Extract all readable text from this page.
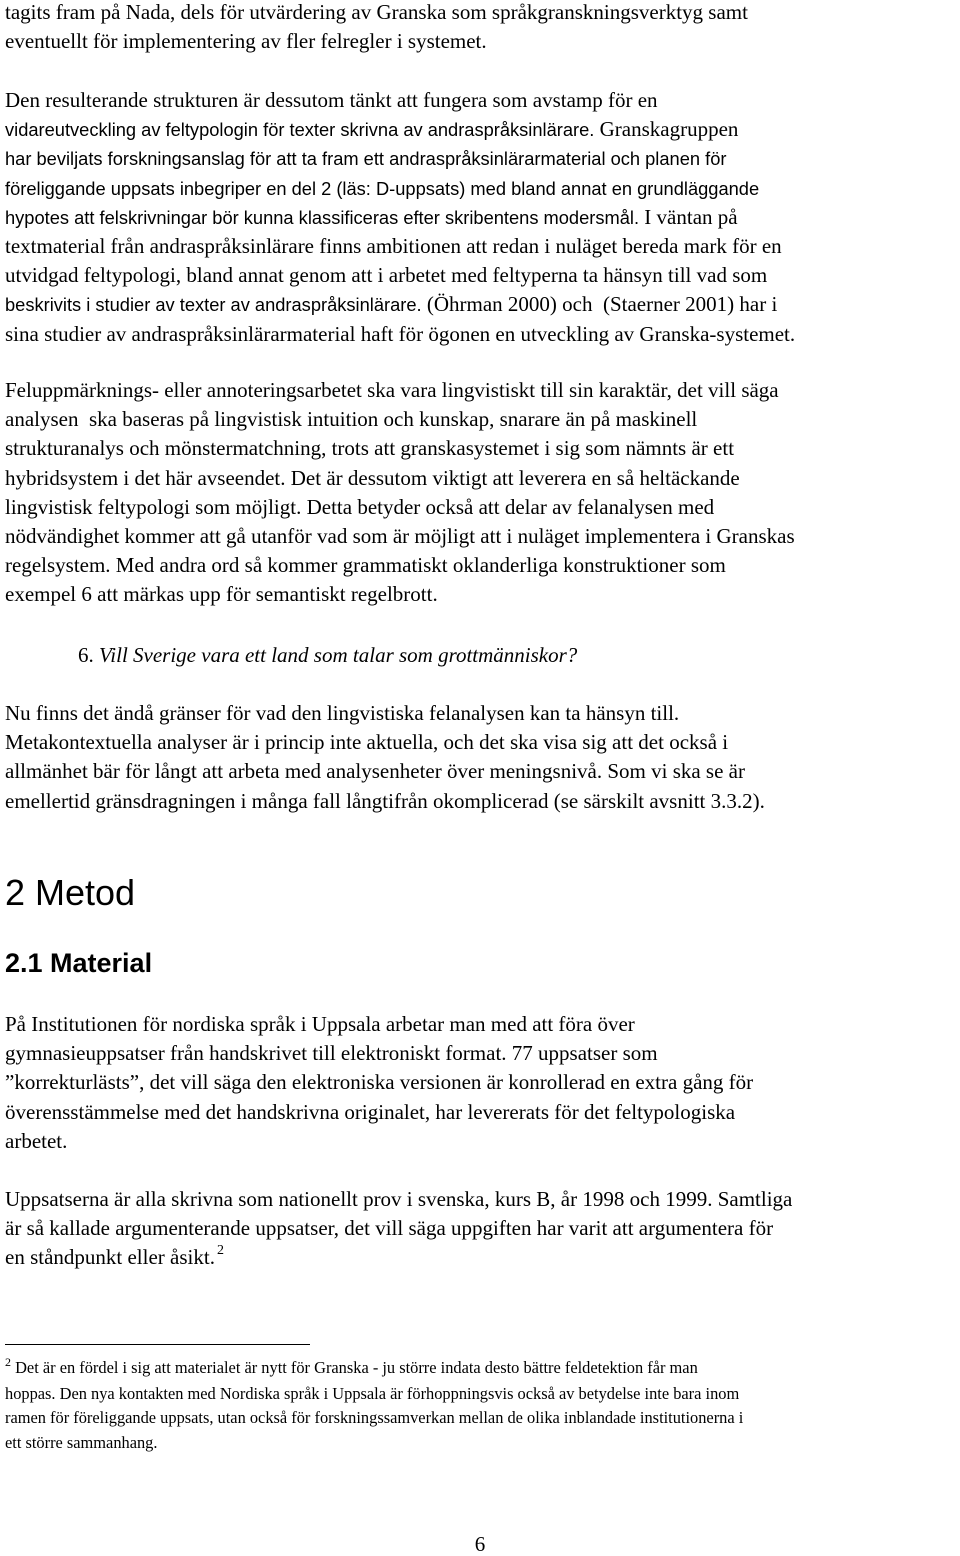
tagits fram på Nada, dels för utvärdering av Granska som språkgranskningsverktyg samt
eventuellt för implementering av fler felregler i systemet.
Den resulterande strukturen är dessutom tänkt att fungera som avstamp för en
vidareutveckling av feltypologin för texter skrivna av andraspråksinlärare. Granskagruppen
har beviljats forskningsanslag för att ta fram ett andraspråksinlärarmaterial och planen för
föreliggande uppsats inbegriper en del 2 (läs: D-uppsats) med bland annat en grundläggande
hypotes att felskrivningar bör kunna klassificeras efter skribentens modersmål. I väntan på
textmaterial från andraspråksinlärare finns ambitionen att redan i nuläget bereda mark för en
utvidgad feltypologi, bland annat genom att i arbetet med feltyperna ta hänsyn till vad som
beskrivits i studier av texter av andraspråksinlärare. (Öhrman 2000) och  (Staerner 2001) har i
sina studier av andraspråksinlärarmaterial haft för ögonen en utveckling av Granska-systemet.
Feluppmärknings- eller annoteringsarbetet ska vara lingvistiskt till sin karaktär, det vill säga
analysen  ska baseras på lingvistisk intuition och kunskap, snarare än på maskinell
strukturanalys och mönstermatchning, trots att granskasystemet i sig som nämnts är ett
hybridsystem i det här avseendet. Det är dessutom viktigt att leverera en så heltäckande
lingvistisk feltypologi som möjligt. Detta betyder också att delar av felanalysen med
nödvändighet kommer att gå utanför vad som är möjligt att i nuläget implementera i Granskas
regelsystem. Med andra ord så kommer grammatiskt oklanderliga konstruktioner som
exempel 6 att märkas upp för semantiskt regelbrott.
6. Vill Sverige vara ett land som talar som grottmänniskor?
Nu finns det ändå gränser för vad den lingvistiska felanalysen kan ta hänsyn till.
Metakontextuella analyser är i princip inte aktuella, och det ska visa sig att det också i
allmänhet bär för långt att arbeta med analysenheter över meningsnivå. Som vi ska se är
emellertid gränsdragningen i många fall långtifrån okomplicerad (se särskilt avsnitt 3.3.2).
2 Metod
2.1 Material
På Institutionen för nordiska språk i Uppsala arbetar man med att föra över
gymnasieuppsatser från handskrivet till elektroniskt format. 77 uppsatser som
”korrekturlästs”, det vill säga den elektroniska versionen är konrollerad en extra gång för
överensstämmelse med det handskrivna originalet, har levererats för det feltypologiska
arbetet.
Uppsatserna är alla skrivna som nationellt prov i svenska, kurs B, år 1998 och 1999. Samtliga
är så kallade argumenterande uppsatser, det vill säga uppgiften har varit att argumentera för
en ståndpunkt eller åsikt. $^2$
$^2$ Det är en fördel i sig att materialet är nytt för Granska - ju större indata desto bättre feldetektion får man
hoppas. Den nya kontakten med Nordiska språk i Uppsala är förhoppningsvis också av betydelse inte bara inom
ramen för föreliggande uppsats, utan också för forskningssamverkan mellan de olika inblandade institutionerna i
ett större sammanhang.
6
